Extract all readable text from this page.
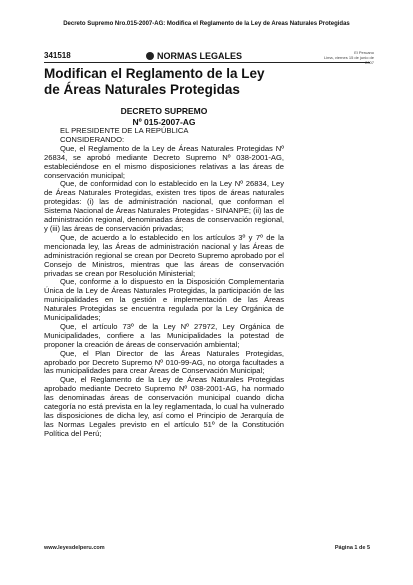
Decreto Supremo Nro.015-2007-AG: Modifica el Reglamento de la Ley de Areas Naturales Protegidas
341518	NORMAS LEGALES	El Peruano
Lima, viernes 15 de junio de 2007
Modifican el Reglamento de la Ley de Áreas Naturales Protegidas
DECRETO SUPREMO
Nº 015-2007-AG

EL PRESIDENTE DE LA REPÚBLICA

CONSIDERANDO:

Que, el Reglamento de la Ley de Áreas Naturales Protegidas Nº 26834, se aprobó mediante Decreto Supremo Nº 038-2001-AG, estableciéndose en el mismo disposiciones relativas a las áreas de conservación municipal;

Que, de conformidad con lo establecido en la Ley Nº 26834, Ley de Áreas Naturales Protegidas, existen tres tipos de áreas naturales protegidas: (i) las de administración nacional, que conforman el Sistema Nacional de Áreas Naturales Protegidas - SINANPE; (ii) las de administración regional, denominadas áreas de conservación regional, y (iii) las áreas de conservación privadas;

Que, de acuerdo a lo establecido en los artículos 3º y 7º de la mencionada ley, las Áreas de administración nacional y las Áreas de administración regional se crean por Decreto Supremo aprobado por el Consejo de Ministros, mientras que las áreas de conservación privadas se crean por Resolución Ministerial;

Que, conforme a lo dispuesto en la Disposición Complementaria Única de la Ley de Áreas Naturales Protegidas, la participación de las municipalidades en la gestión e implementación de las Áreas Naturales Protegidas se encuentra regulada por la Ley Orgánica de Municipalidades;

Que, el artículo 73º de la Ley Nº 27972, Ley Orgánica de Municipalidades, confiere a las Municipalidades la potestad de proponer la creación de áreas de conservación ambiental;

Que, el Plan Director de las Áreas Naturales Protegidas, aprobado por Decreto Supremo Nº 010-99-AG, no otorga facultades a las municipalidades para crear Áreas de Conservación Municipal;

Que, el Reglamento de la Ley de Áreas Naturales Protegidas aprobado mediante Decreto Supremo Nº 038-2001-AG, ha normado las denominadas áreas de conservación municipal cuando dicha categoría no está prevista en la ley reglamentada, lo cual ha vulnerado las disposiciones de dicha ley, así como el Principio de Jerarquía de las Normas Legales previsto en el artículo 51º de la Constitución Política del Perú;

www.leyesdelperu.com	Página 1 de 5
